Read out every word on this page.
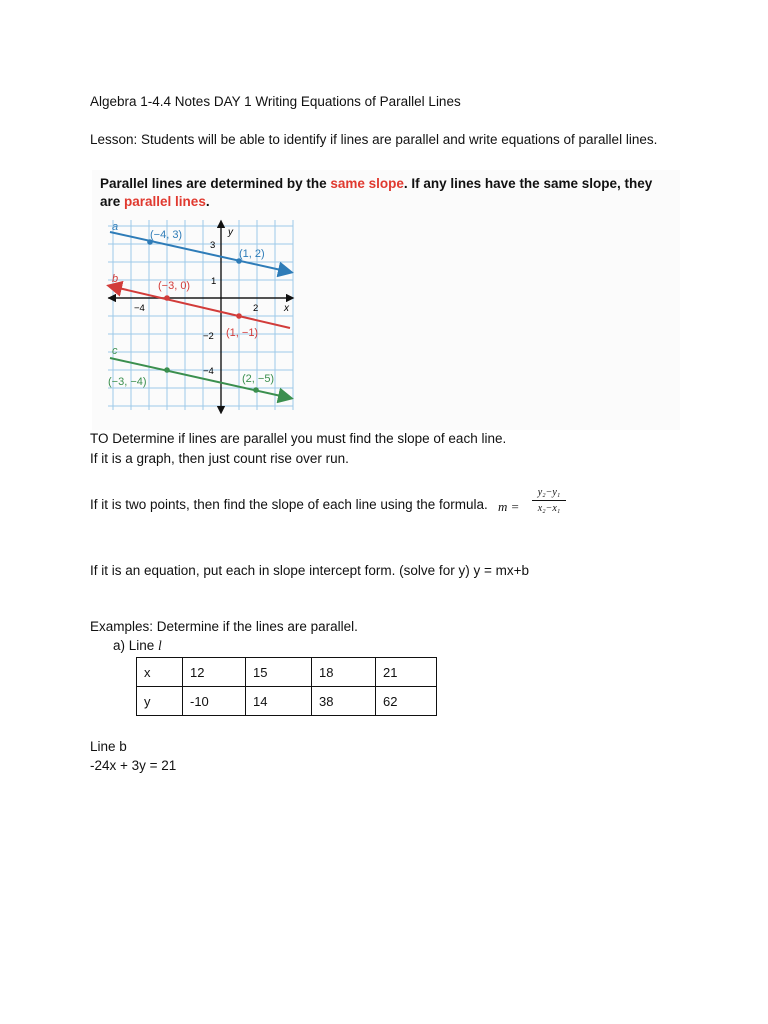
Algebra 1-4.4 Notes DAY 1 Writing Equations of Parallel Lines
Lesson: Students will be able to identify if lines are parallel and write equations of parallel lines.
Parallel lines are determined by the same slope. If any lines have the same slope, they
are parallel lines.
y
x
−4	2
3
1
−2
−4
a
(−4, 3)
(1, 2)
b
(−3, 0)
(1, −1)
c
(−3, −4)	(2, −5)
TO Determine if lines are parallel you must find the slope of each line.
If it is a graph, then just count rise over run.
If it is two points, then find the slope of each line using the formula. $m = \frac{\text{y₂−y₁}}{\text{x₂−x₁}}$
If it is an equation, put each in slope intercept form. (solve for y) y = mx+b
Examples: Determine if the lines are parallel.
a) Line l
x	12	15	18	21
y	-10	14	38	62
Line b
-24x + 3y = 21
